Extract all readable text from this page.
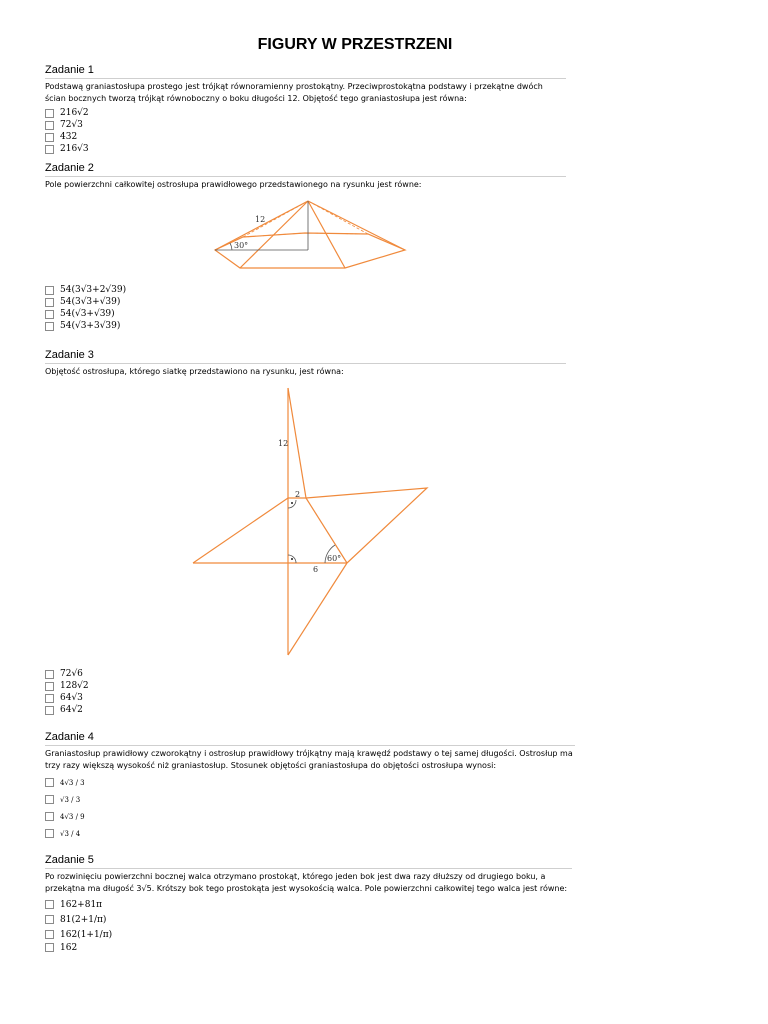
FIGURY W PRZESTRZENI
Zadanie 1

Podstawą graniastosłupa prostego jest trójkąt równoramienny prostokątny. Przeciwprostokątna podstawy i przekątne dwóch ścian bocznych tworzą trójkąt równoboczny o boku długości 12. Objętość tego graniastosłupa jest równa:

216√2
72√3
432
216√3
Zadanie 2

Pole powierzchni całkowitej ostrosłupa prawidłowego przedstawionego na rysunku jest równe:

12
30°
12
2
60°
6
54(3√3+2√39)
54(3√3+√39)
54(√3+√39)
54(√3+3√39)
Zadanie 3

Objętość ostrosłupa, którego siatkę przedstawiono na rysunku, jest równa:

72√6
128√2
64√3
64√2
Zadanie 4

Graniastosłup prawidłowy czworokątny i ostrosłup prawidłowy trójkątny mają krawędź podstawy o tej samej długości. Ostrosłup ma trzy razy większą wysokość niż graniastosłup. Stosunek objętości graniastosłupa do objętości ostrosłupa wynosi:

4√3 / 3
√3 / 3
4√3 / 9
√3 / 4
Zadanie 5

Po rozwinięciu powierzchni bocznej walca otrzymano prostokąt, którego jeden bok jest dwa razy dłuższy od drugiego boku, a przekątna ma długość 3√5. Krótszy bok tego prostokąta jest wysokością walca. Pole powierzchni całkowitej tego walca jest równe:

162+81π
81(2+1/π)
162(1+1/π)
162
